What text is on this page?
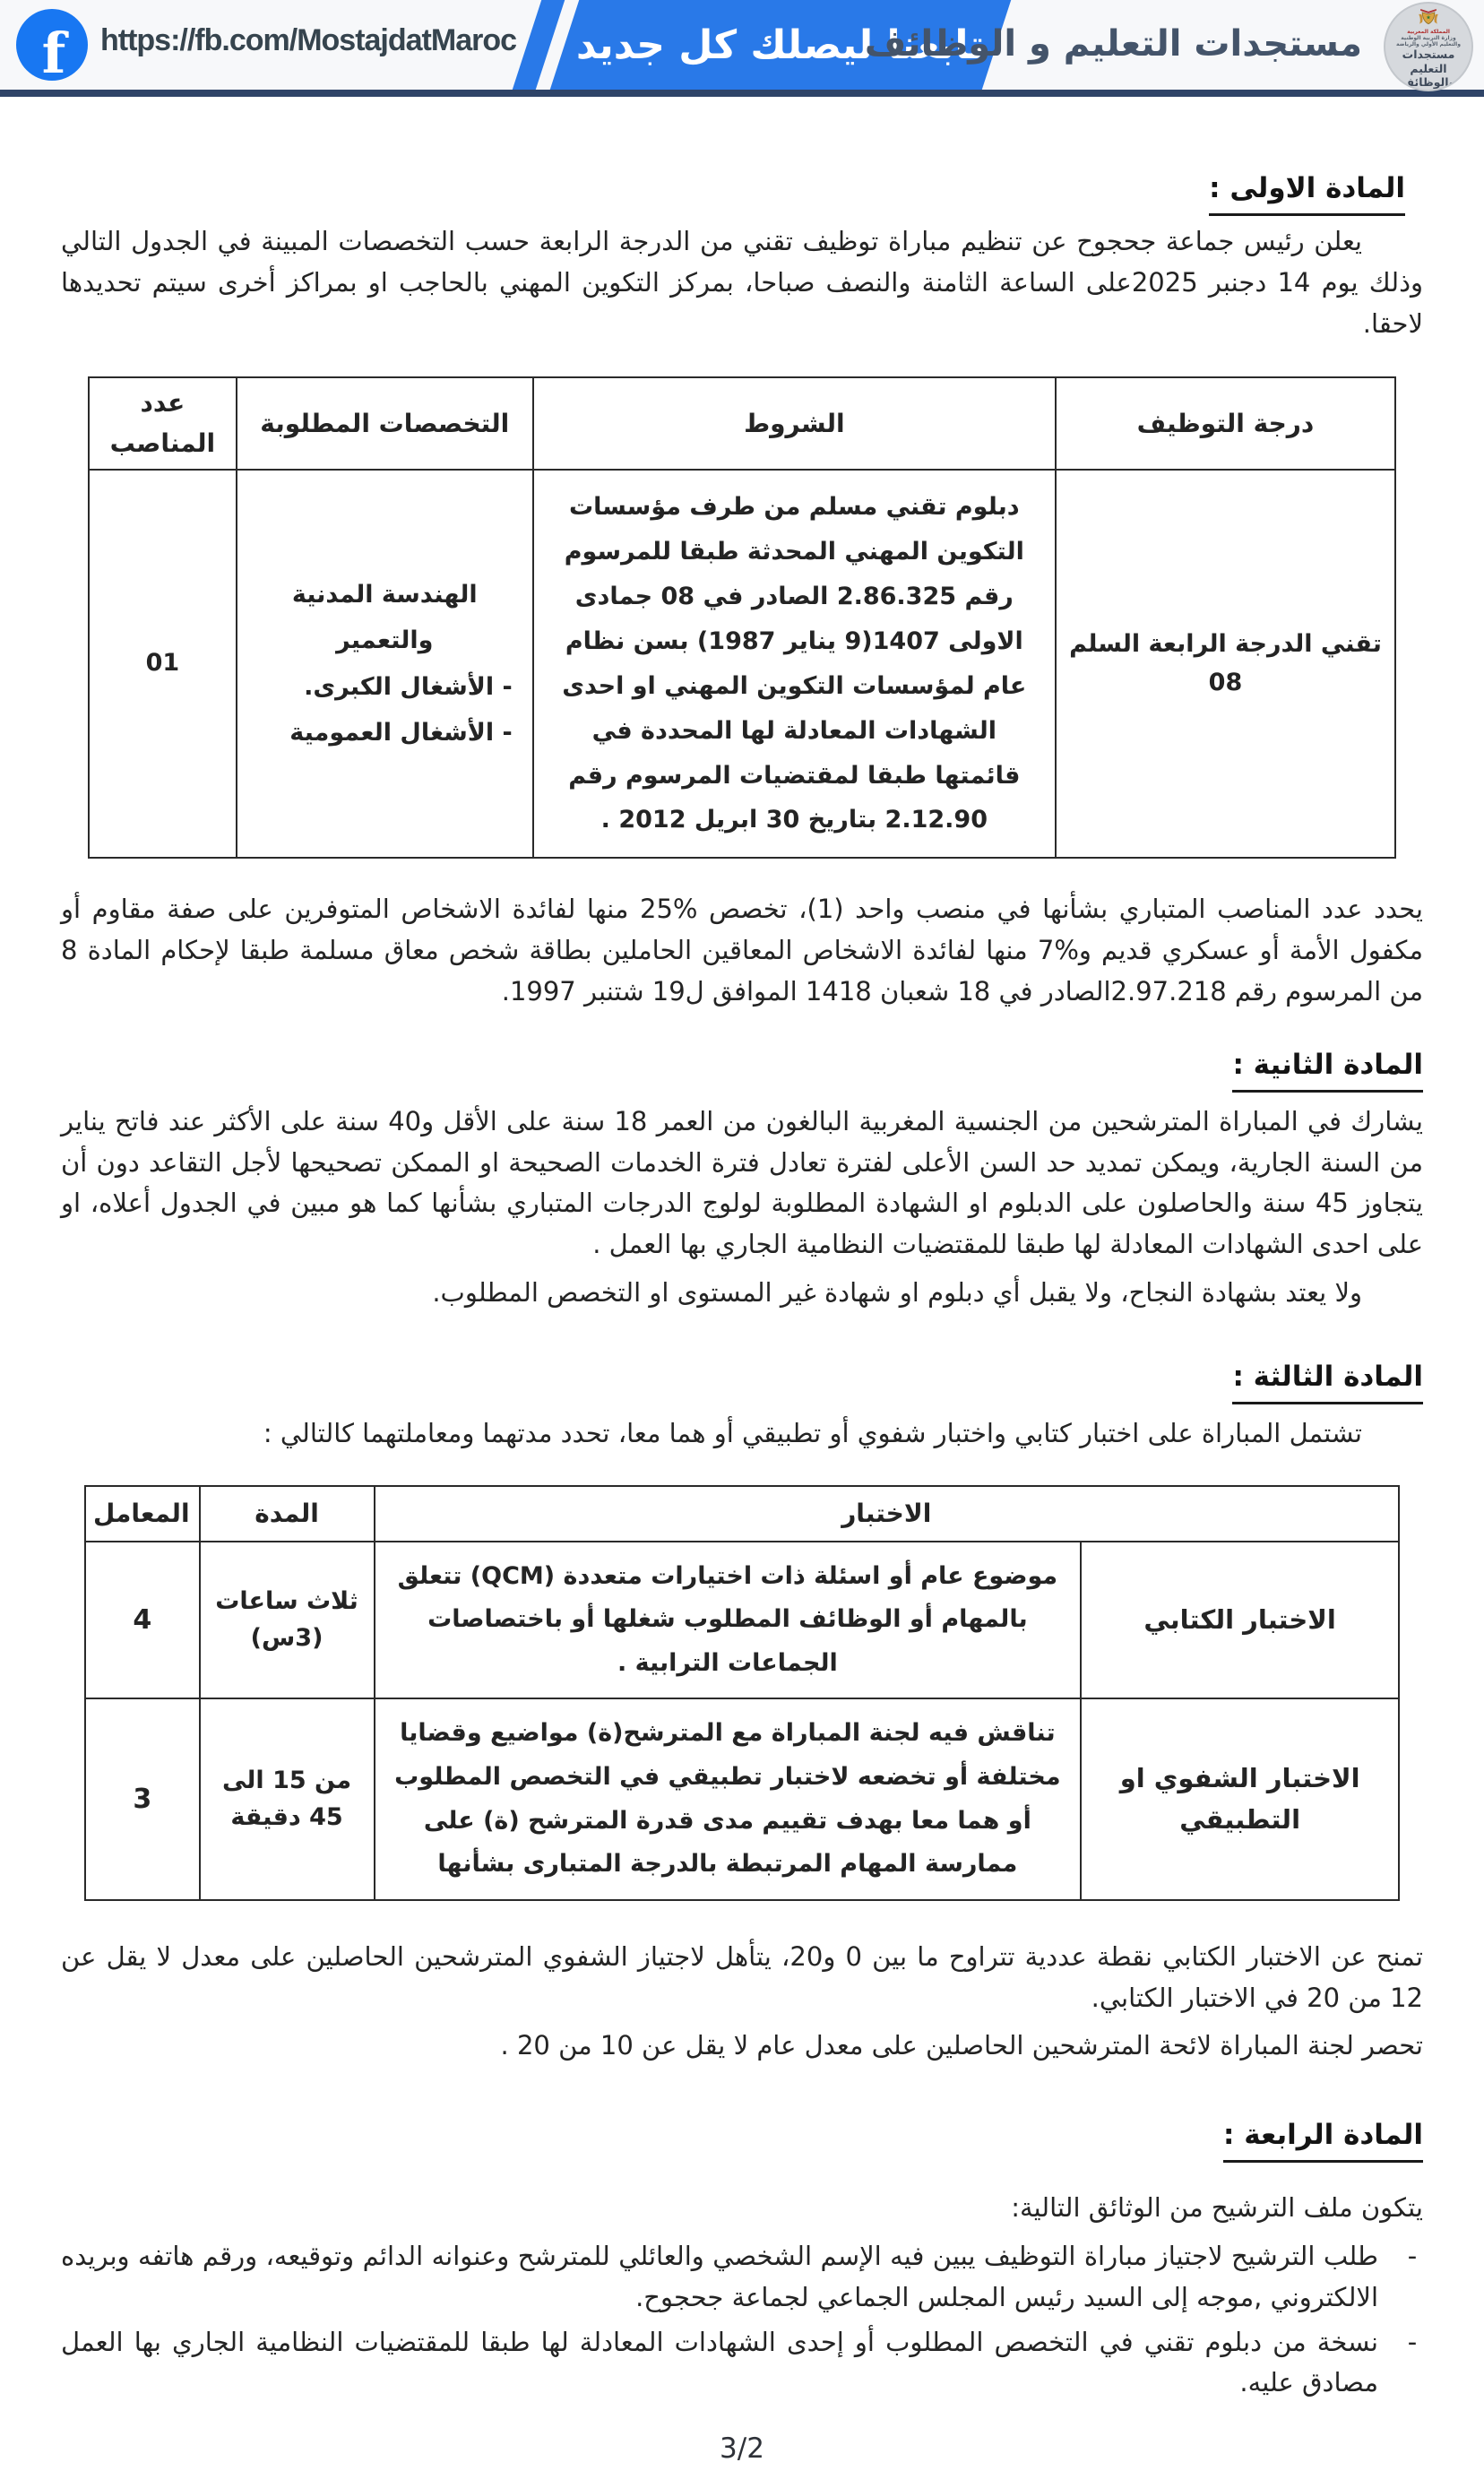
f https://fb.com/MostajdatMaroc تابعنا ليصلك كل جديد
مستجدات التعليم و الوظائف	المملكة المغربية
وزارة التربية الوطنية
والتعليم الأولي والرياضة
مستجدات التعليم
والوظائف
المادة الاولى :

يعلن رئيس جماعة جحجوح عن تنظيم مباراة توظيف تقني من الدرجة الرابعة حسب التخصصات المبينة في الجدول التالي وذلك يوم 14 دجنبر 2025على الساعة الثامنة والنصف صباحا، بمركز التكوين المهني بالحاجب او بمراكز أخرى سيتم تحديدها لاحقا.

درجة التوظيف	الشروط	التخصصات المطلوبة	عدد المناصب
تقني الدرجة الرابعة السلم 08	دبلوم تقني مسلم من طرف مؤسسات التكوين المهني المحدثة طبقا للمرسوم رقم 2.86.325 الصادر في 08 جمادى الاولى 1407(9 يناير 1987) بسن نظام عام لمؤسسات التكوين المهني او احدى الشهادات المعادلة لها المحددة في قائمتها طبقا لمقتضيات المرسوم رقم 2.12.90 بتاريخ 30 ابريل 2012 .	
الهندسة المدنية والتعمير
- الأشغال الكبرى.
- الأشغال العمومية
	01

يحدد عدد المناصب المتباري بشأنها في منصب واحد (1)، تخصص %25 منها لفائدة الاشخاص المتوفرين على صفة مقاوم أو مكفول الأمة أو عسكري قديم و%7 منها لفائدة الاشخاص المعاقين الحاملين بطاقة شخص معاق مسلمة طبقا لإحكام المادة 8 من المرسوم رقم 2.97.218الصادر في 18 شعبان 1418 الموافق ل19 شتنبر 1997.

المادة الثانية :

يشارك في المباراة المترشحين من الجنسية المغربية البالغون من العمر 18 سنة على الأقل و40 سنة على الأكثر عند فاتح يناير من السنة الجارية، ويمكن تمديد حد السن الأعلى لفترة تعادل فترة الخدمات الصحيحة او الممكن تصحيحها لأجل التقاعد دون أن يتجاوز 45 سنة والحاصلون على الدبلوم او الشهادة المطلوبة لولوج الدرجات المتباري بشأنها كما هو مبين في الجدول أعلاه، او على احدى الشهادات المعادلة لها طبقا للمقتضيات النظامية الجاري بها العمل .

ولا يعتد بشهادة النجاح، ولا يقبل أي دبلوم او شهادة غير المستوى او التخصص المطلوب.

المادة الثالثة :

تشتمل المباراة على اختبار كتابي واختبار شفوي أو تطبيقي أو هما معا، تحدد مدتهما ومعاملتهما كالتالي :

الاختبار		المدة	المعامل
الاختبار الكتابي	موضوع عام أو اسئلة ذات اختيارات متعددة (QCM) تتعلق بالمهام أو الوظائف المطلوب شغلها أو باختصاصات الجماعات الترابية .	ثلاث ساعات
(3س)	4
الاختبار الشفوي او التطبيقي	تناقش فيه لجنة المباراة مع المترشح(ة) مواضيع وقضايا مختلفة أو تخضعه لاختبار تطبيقي في التخصص المطلوب أو هما معا بهدف تقييم مدى قدرة المترشح (ة) على ممارسة المهام المرتبطة بالدرجة المتبارى بشأنها	من 15 الى
45 دقيقة	3

تمنح عن الاختبار الكتابي نقطة عددية تتراوح ما بين 0 و20، يتأهل لاجتياز الشفوي المترشحين الحاصلين على معدل لا يقل عن 12 من 20 في الاختبار الكتابي.

تحصر لجنة المباراة لائحة المترشحين الحاصلين على معدل عام لا يقل عن 10 من 20 .

المادة الرابعة :

يتكون ملف الترشيح من الوثائق التالية:

-
طلب الترشيح لاجتياز مباراة التوظيف يبين فيه الإسم الشخصي والعائلي للمترشح وعنوانه الدائم وتوقيعه، ورقم هاتفه وبريده الالكتروني ,موجه إلى السيد رئيس المجلس الجماعي لجماعة جحجوح.
-
نسخة من دبلوم تقني في التخصص المطلوب أو إحدى الشهادات المعادلة لها طبقا للمقتضيات النظامية الجاري بها العمل مصادق عليه.
3/2
